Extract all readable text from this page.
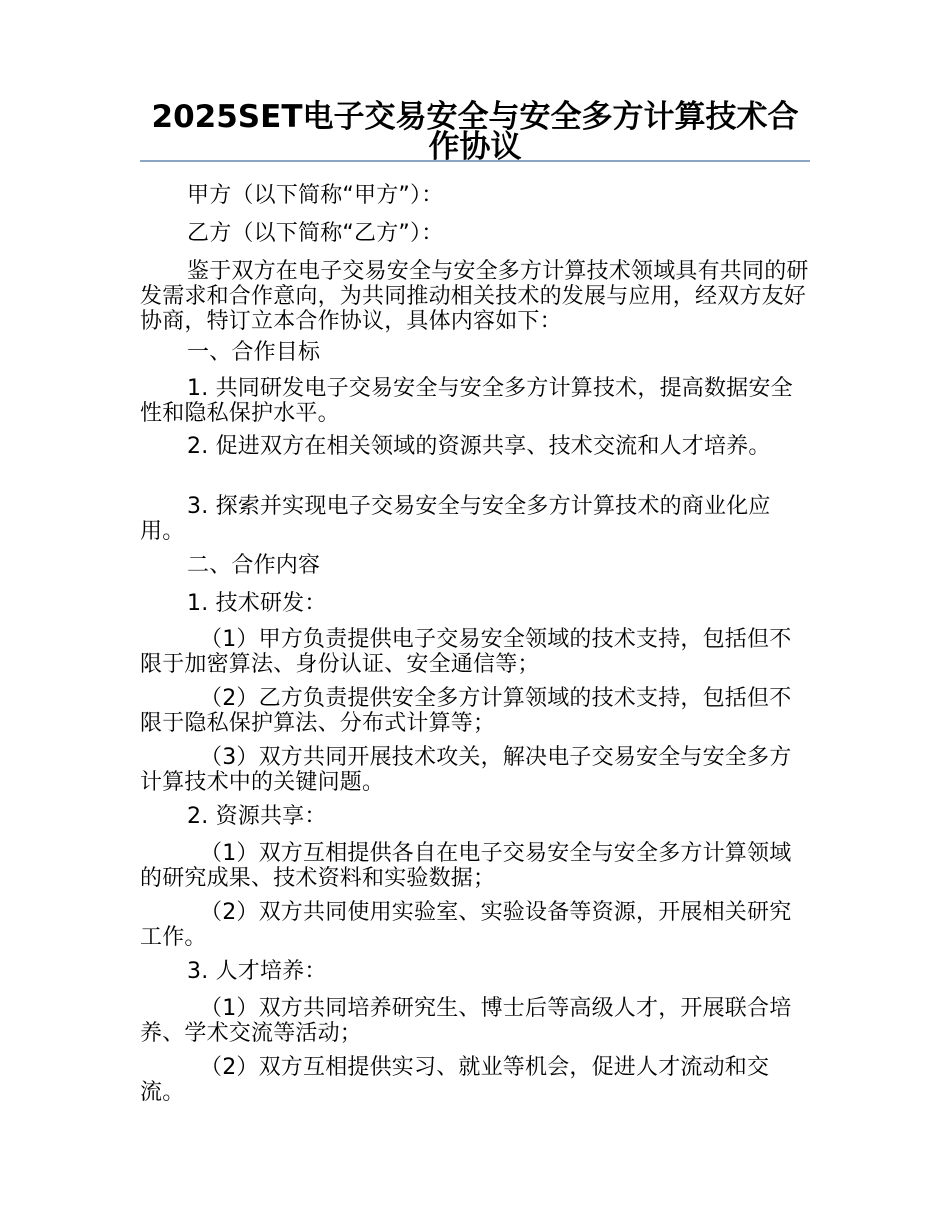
2025SET电子交易安全与安全多方计算技术合作协议

甲方（以下简称“甲方”）：

乙方（以下简称“乙方”）：

鉴于双方在电子交易安全与安全多方计算技术领域具有共同的研发需求和合作意向，为共同推动相关技术的发展与应用，经双方友好协商，特订立本合作协议，具体内容如下：

一、合作目标

1. 共同研发电子交易安全与安全多方计算技术，提高数据安全性和隐私保护水平。

2. 促进双方在相关领域的资源共享、技术交流和人才培养。

3. 探索并实现电子交易安全与安全多方计算技术的商业化应用。

二、合作内容

1. 技术研发：

（1）甲方负责提供电子交易安全领域的技术支持，包括但不限于加密算法、身份认证、安全通信等；

（2）乙方负责提供安全多方计算领域的技术支持，包括但不限于隐私保护算法、分布式计算等；

（3）双方共同开展技术攻关，解决电子交易安全与安全多方计算技术中的关键问题。

2. 资源共享：

（1）双方互相提供各自在电子交易安全与安全多方计算领域的研究成果、技术资料和实验数据；

（2）双方共同使用实验室、实验设备等资源，开展相关研究工作。

3. 人才培养：

（1）双方共同培养研究生、博士后等高级人才，开展联合培养、学术交流等活动；

（2）双方互相提供实习、就业等机会，促进人才流动和交流。
